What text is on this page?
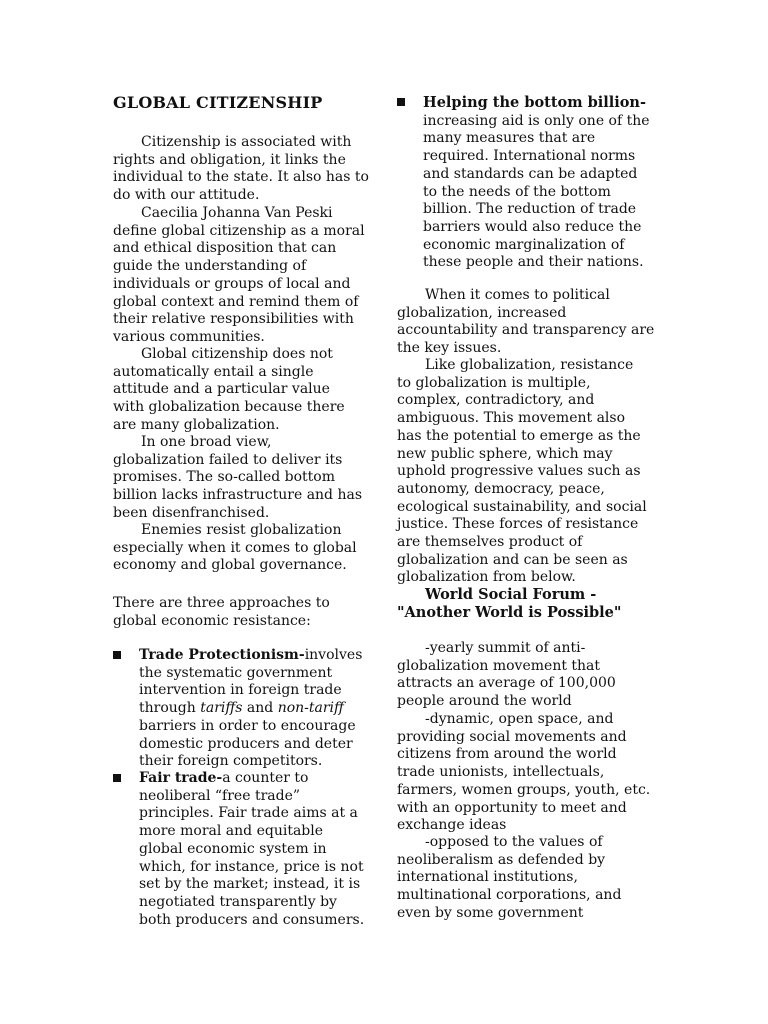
GLOBAL CITIZENSHIP

Citizenship is associated with rights and obligation, it links the individual to the state. It also has to do with our attitude.

Caecilia Johanna Van Peski define global citizenship as a moral and ethical disposition that can guide the understanding of individuals or groups of local and global context and remind them of their relative responsibilities with various communities.

Global citizenship does not automatically entail a single attitude and a particular value with globalization because there are many globalization.

In one broad view, globalization failed to deliver its promises. The so-called bottom billion lacks infrastructure and has been disenfranchised.

Enemies resist globalization especially when it comes to global economy and global governance.

There are three approaches to global economic resistance:

Trade Protectionism-involves the systematic government intervention in foreign trade through tariffs and non-tariff barriers in order to encourage domestic producers and deter their foreign competitors.
Fair trade-a counter to neoliberal “free trade” principles. Fair trade aims at a more moral and equitable global economic system in which, for instance, price is not set by the market; instead, it is negotiated transparently by both producers and consumers.
Helping the bottom billion-increasing aid is only one of the many measures that are required. International norms and standards can be adapted to the needs of the bottom billion. The reduction of trade barriers would also reduce the economic marginalization of these people and their nations.

When it comes to political globalization, increased accountability and transparency are the key issues.

Like globalization, resistance to globalization is multiple, complex, contradictory, and ambiguous. This movement also has the potential to emerge as the new public sphere, which may uphold progressive values such as autonomy, democracy, peace, ecological sustainability, and social justice. These forces of resistance are themselves product of globalization and can be seen as globalization from below.

World Social Forum -
"Another World is Possible"

-yearly summit of anti-globalization movement that attracts an average of 100,000 people around the world

-dynamic, open space, and providing social movements and citizens from around the world trade unionists, intellectuals, farmers, women groups, youth, etc. with an opportunity to meet and exchange ideas

-opposed to the values of neoliberalism as defended by international institutions, multinational corporations, and even by some government
